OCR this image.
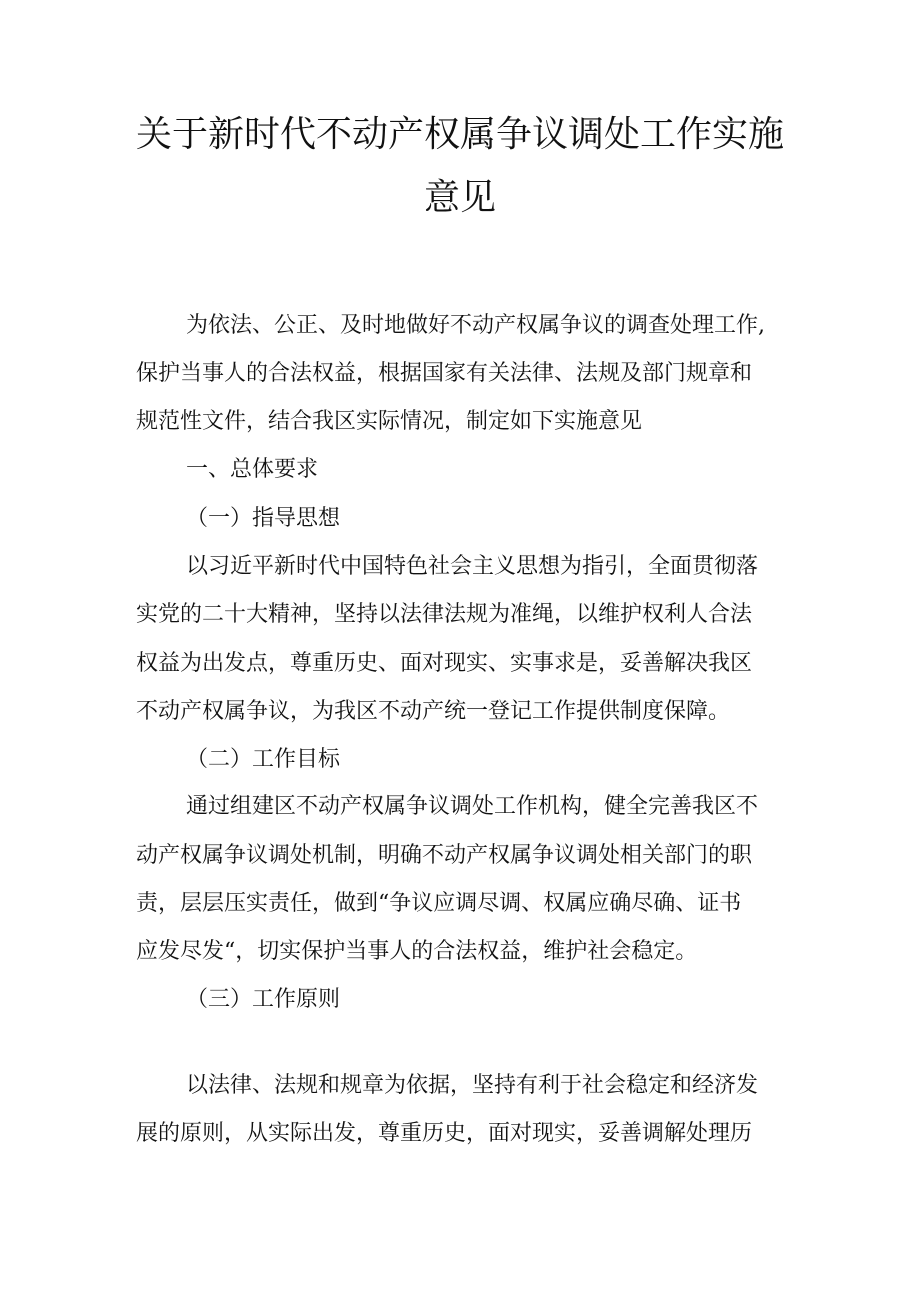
关于新时代不动产权属争议调处工作实施
意见
为依法、公正、及时地做好不动产权属争议的调查处理工作,
保护当事人的合法权益，根据国家有关法律、法规及部门规章和
规范性文件，结合我区实际情况，制定如下实施意见
一、总体要求
（一）指导思想
以习近平新时代中国特色社会主义思想为指引，全面贯彻落
实党的二十大精神，坚持以法律法规为准绳，以维护权利人合法
权益为出发点，尊重历史、面对现实、实事求是，妥善解决我区
不动产权属争议，为我区不动产统一登记工作提供制度保障。
（二）工作目标
通过组建区不动产权属争议调处工作机构，健全完善我区不
动产权属争议调处机制，明确不动产权属争议调处相关部门的职
责，层层压实责任，做到“争议应调尽调、权属应确尽确、证书
应发尽发“，切实保护当事人的合法权益，维护社会稳定。
（三）工作原则
以法律、法规和规章为依据，坚持有利于社会稳定和经济发
展的原则，从实际出发，尊重历史，面对现实，妥善调解处理历
